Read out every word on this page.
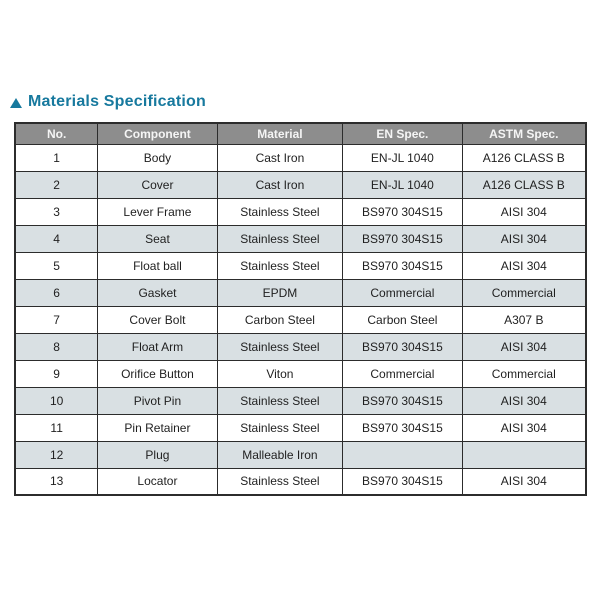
Materials Specification
No.	Component	Material	EN Spec.	ASTM Spec.
1	Body	Cast Iron	EN-JL 1040	A126 CLASS B
2	Cover	Cast Iron	EN-JL 1040	A126 CLASS B
3	Lever Frame	Stainless Steel	BS970 304S15	AISI 304
4	Seat	Stainless Steel	BS970 304S15	AISI 304
5	Float ball	Stainless Steel	BS970 304S15	AISI 304
6	Gasket	EPDM	Commercial	Commercial
7	Cover Bolt	Carbon Steel	Carbon Steel	A307 B
8	Float Arm	Stainless Steel	BS970 304S15	AISI 304
9	Orifice Button	Viton	Commercial	Commercial
10	Pivot Pin	Stainless Steel	BS970 304S15	AISI 304
11	Pin Retainer	Stainless Steel	BS970 304S15	AISI 304
12	Plug	Malleable Iron		
13	Locator	Stainless Steel	BS970 304S15	AISI 304
